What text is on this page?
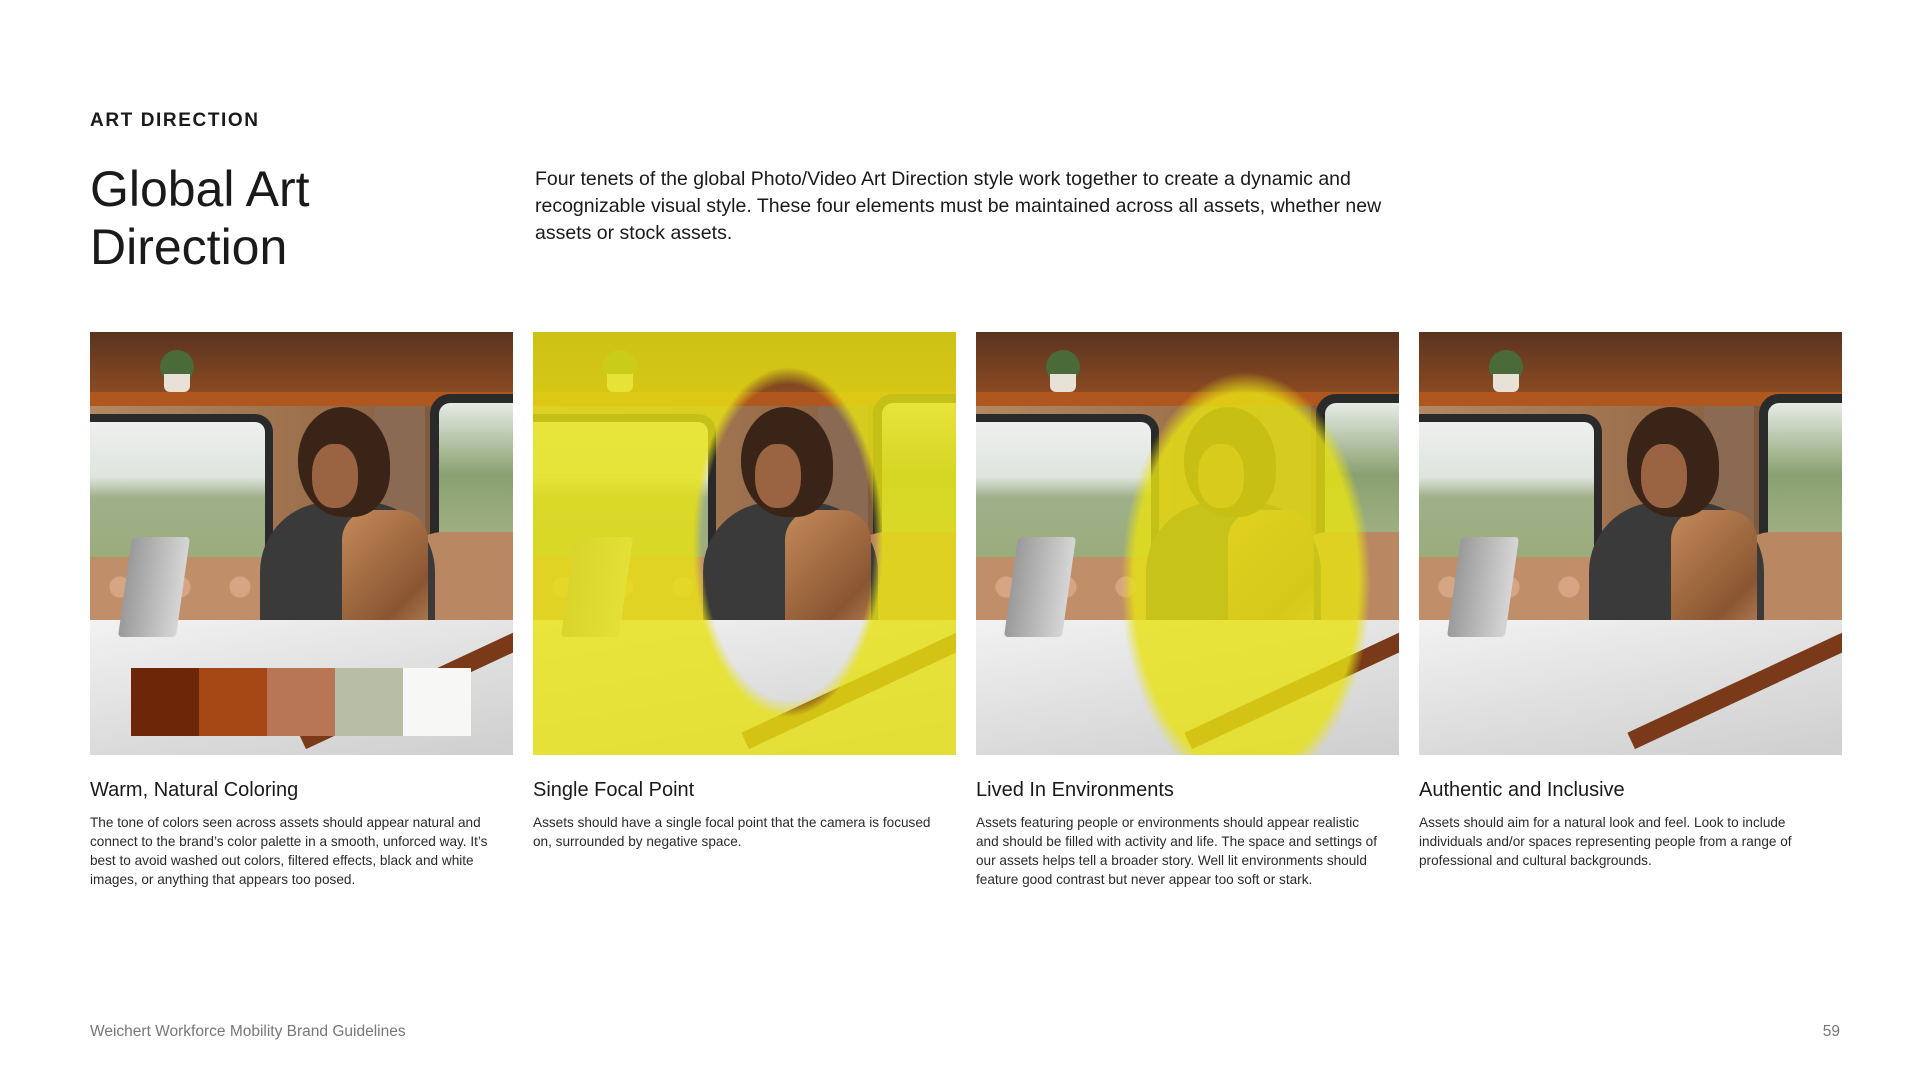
ART DIRECTION
Global Art
Direction

Four tenets of the global Photo/Video Art Direction style work together to create a dynamic and recognizable visual style. These four elements must be maintained across all assets, whether new assets or stock assets.

Warm, Natural Coloring

The tone of colors seen across assets should appear natural and connect to the brand’s color palette in a smooth, unforced way. It’s best to avoid washed out colors, filtered effects, black and white images, or anything that appears too posed.

Single Focal Point

Assets should have a single focal point that the camera is focused on, surrounded by negative space.

Lived In Environments

Assets featuring people or environments should appear realistic and should be filled with activity and life. The space and settings of our assets helps tell a broader story. Well lit environments should feature good contrast but never appear too soft or stark.

Authentic and Inclusive

Assets should aim for a natural look and feel. Look to include individuals and/or spaces representing people from a range of professional and cultural backgrounds.

Weichert Workforce Mobility Brand Guidelines	59
